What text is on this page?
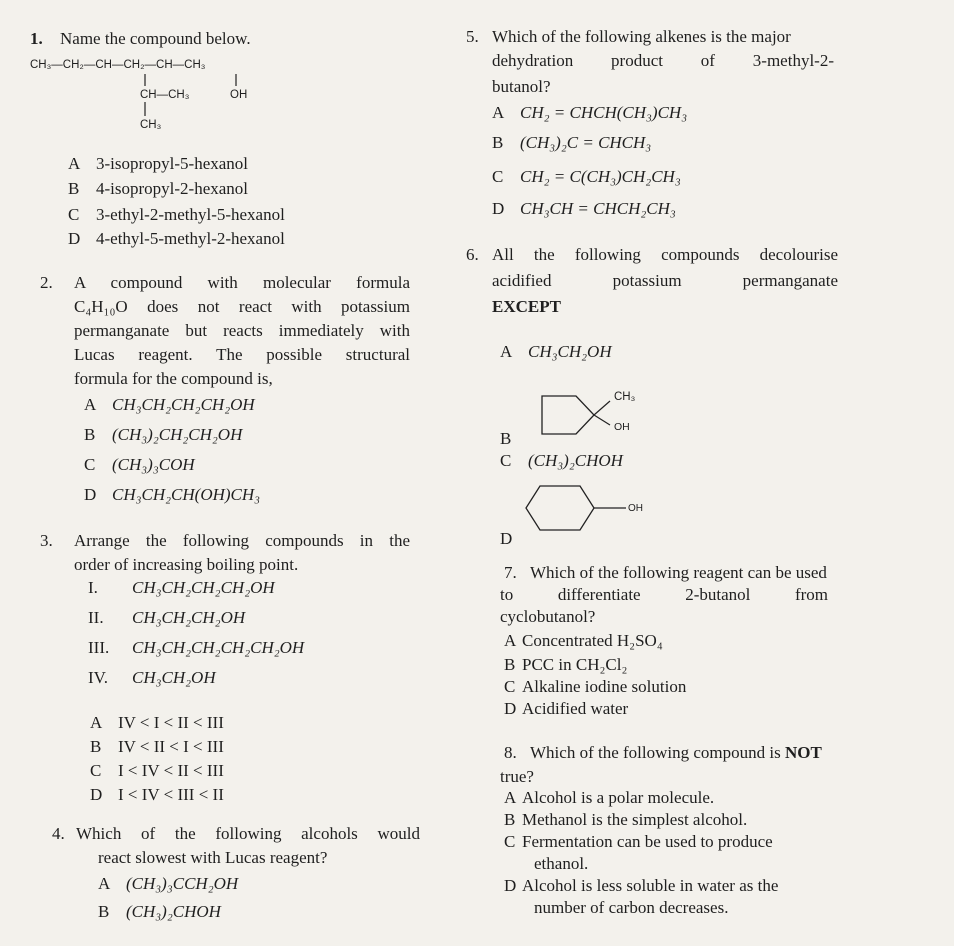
1. Name the compound below.
CH₃—CH₂—CH—CH₂—CH—CH₃
CH—CH₃	OH
CH₃
A 3-isopropyl-5-hexanol
B 4-isopropyl-2-hexanol
C 3-ethyl-2-methyl-5-hexanol
D 4-ethyl-5-methyl-2-hexanol
2. A compound with molecular formula
C₄H₁₀O does not react with potassium
permanganate but reacts immediately with
Lucas reagent. The possible structural
formula for the compound is,
A CH₃CH₂CH₂CH₂OH
B (CH₃)₂CH₂CH₂OH
C (CH₃)₃COH
D CH₃CH₂CH(OH)CH₃
3. Arrange the following compounds in the
order of increasing boiling point.
I. CH₃CH₂CH₂CH₂OH
II. CH₃CH₂CH₂OH
III. CH₃CH₂CH₂CH₂CH₂OH
IV. CH₃CH₂OH
A IV < I < II < III
B IV < II < I < III
C I < IV < II < III
D I < IV < III < II
4. Which of the following alcohols would
react slowest with Lucas reagent?
A (CH₃)₃CCH₂OH
B (CH₃)₂CHOH
5. Which of the following alkenes is the major
dehydration product of 3-methyl-2-
butanol?
A CH₂ = CHCH(CH₃)CH₃
B (CH₃)₂C = CHCH₃
C CH₂ = C(CH₃)CH₂CH₃
D CH₃CH = CHCH₂CH₃
6. All the following compounds decolourise
acidified potassium permanganate
EXCEPT
A CH₃CH₂OH
B
CH₃
OH
C (CH₃)₂CHOH
D
OH
7. Which of the following reagent can be used
to differentiate 2-butanol from
cyclobutanol?
A Concentrated H₂SO₄
B PCC in CH₂Cl₂
C Alkaline iodine solution
D Acidified water
8. Which of the following compound is NOT
true?
A Alcohol is a polar molecule.
B Methanol is the simplest alcohol.
C Fermentation can be used to produce
ethanol.
D Alcohol is less soluble in water as the
number of carbon decreases.
